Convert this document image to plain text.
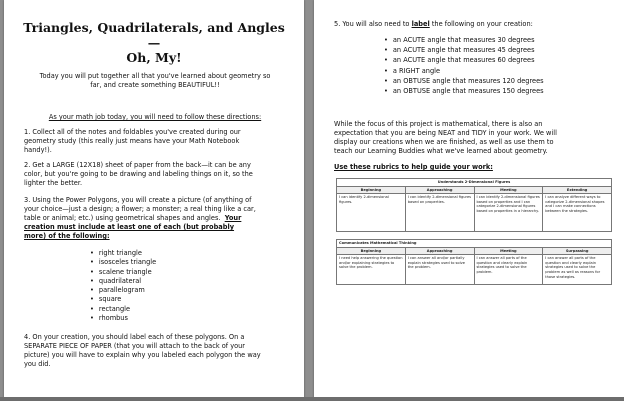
Triangles, Quadrilaterals, and Angles—
Oh, My!
Today you will put together all that you've learned about geometry so
far, and create something BEAUTIFUL!!
As your math job today, you will need to follow these directions:
1. Collect all of the notes and foldables you've created during our
geometry study (this really just means have your Math Notebook
handy!).
2. Get a LARGE (12X18) sheet of paper from the back—it can be any
color, but you're going to be drawing and labeling things on it, so the
lighter the better.
3. Using the Power Polygons, you will create a picture (of anything of
your choice—just a design; a flower; a monster; a real thing like a car,
table or animal; etc.) using geometrical shapes and angles. Your
creation must include at least one of each (but probably
more) of the following:
• right triangle
• isosceles triangle
• scalene triangle
• quadrilateral
• parallelogram
• square
• rectangle
• rhombus
4. On your creation, you should label each of these polygons. On a
SEPARATE PIECE OF PAPER (that you will attach to the back of your
picture) you will have to explain why you labeled each polygon the way
you did.
5. You will also need to label the following on your creation:
• an ACUTE angle that measures 30 degrees
• an ACUTE angle that measures 45 degrees
• an ACUTE angle that measures 60 degrees
• a RIGHT angle
• an OBTUSE angle that measures 120 degrees
• an OBTUSE angle that measures 150 degrees
While the focus of this project is mathematical, there is also an
expectation that you are being NEAT and TIDY in your work. We will
display our creations when we are finished, as well as use them to
teach our Learning Buddies what we've learned about geometry.
Use these rubrics to help guide your work:
Understands 2-Dimensional Figures			
Beginning	Approaching	Meeting	Extending
I can identify 2-dimensional figures.	I can identify 2-dimensional figures based on properties.	I can identify 2-dimensional figures based on properties and I can categorize 2-dimensional figures based on properties in a hierarchy.	I can analyze different ways to categorize 2-dimensional shapes and I can make connections between the strategies.
Communicates Mathematical Thinking			
Beginning	Approaching	Meeting	Surpassing
I need help answering the question and/or explaining strategies to solve the problem.	I can answer all and/or partially explain strategies used to solve the problem.	I can answer all parts of the question and clearly explain strategies used to solve the problem.	I can answer all parts of the question and clearly explain strategies used to solve the problem as well as reasons for those strategies.
